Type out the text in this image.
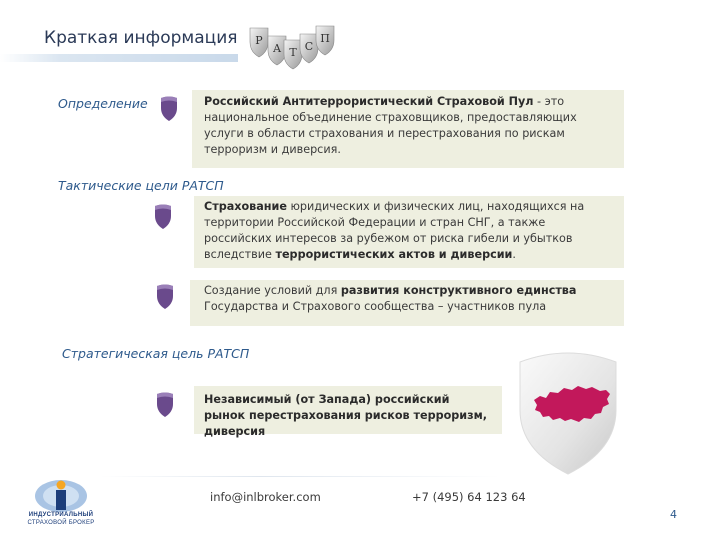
Краткая информация Р
А Т С
П
Определение	Российский Антитеррористический Страховой Пул - это национальное объединение страховщиков, предоставляющих услуги в области страхования и перестрахования по рискам терроризм и диверсия.
Тактические цели РАТСП
Страхование юридических и физических лиц, находящихся на территории Российской Федерации и стран СНГ, а также российских интересов за рубежом от риска гибели и убытков вследствие террористических актов и диверсии.
Создание условий для развития конструктивного единства Государства и Страхового сообщества – участников пула
Стратегическая цель РАТСП
Независимый (от Запада) российский рынок перестрахования рисков терроризм, диверсия
info@inlbroker.com	+7 (495) 64 123 64
4
ИНДУСТРИАЛЬНЫЙ
СТРАХОВОЙ БРОКЕР
